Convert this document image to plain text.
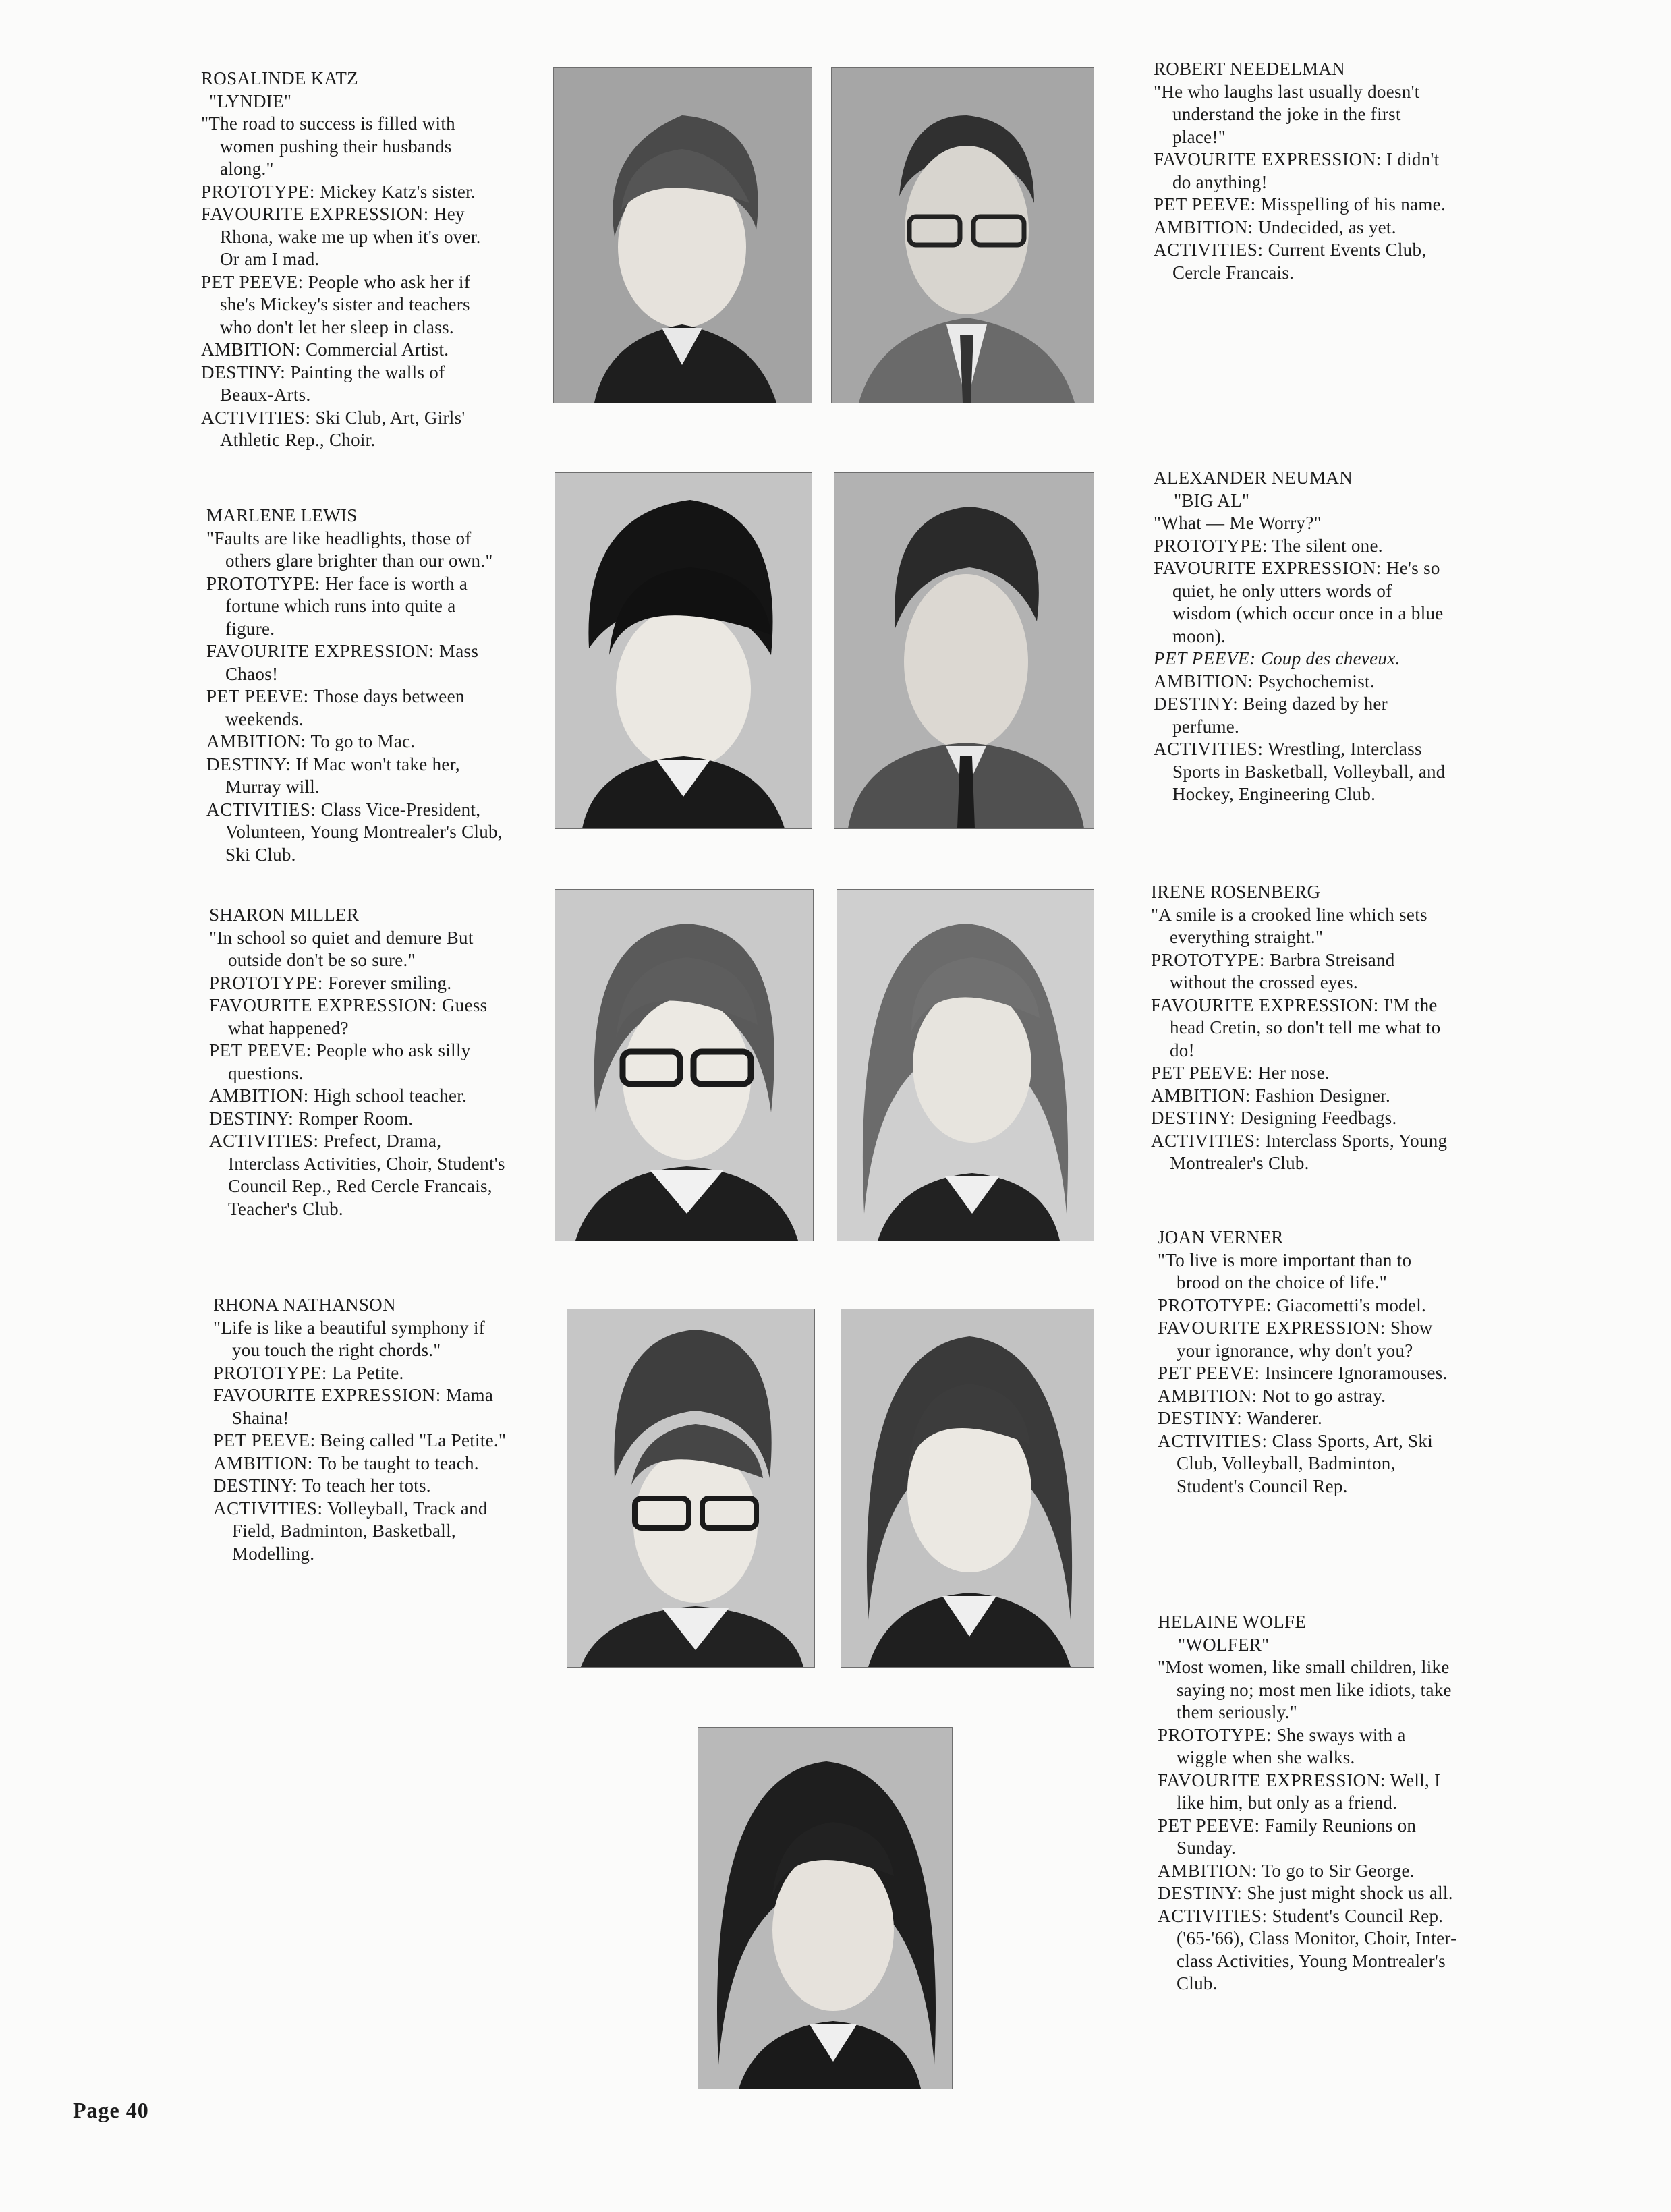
ROSALINDE KATZ
"LYNDIE"
"The road to success is filled with women pushing their husbands along."
PROTOTYPE: Mickey Katz's sister.
FAVOURITE EXPRESSION: Hey Rhona, wake me up when it's over. Or am I mad.
PET PEEVE: People who ask her if she's Mickey's sister and teachers who don't let her sleep in class.
AMBITION: Commercial Artist.
DESTINY: Painting the walls of Beaux-Arts.
ACTIVITIES: Ski Club, Art, Girls' Athletic Rep., Choir.
MARLENE LEWIS
"Faults are like headlights, those of others glare brighter than our own."
PROTOTYPE: Her face is worth a fortune which runs into quite a figure.
FAVOURITE EXPRESSION: Mass Chaos!
PET PEEVE: Those days between weekends.
AMBITION: To go to Mac.
DESTINY: If Mac won't take her, Murray will.
ACTIVITIES: Class Vice-President, Volunteen, Young Montrealer's Club, Ski Club.
SHARON MILLER
"In school so quiet and demure But outside don't be so sure."
PROTOTYPE: Forever smiling.
FAVOURITE EXPRESSION: Guess what happened?
PET PEEVE: People who ask silly questions.
AMBITION: High school teacher.
DESTINY: Romper Room.
ACTIVITIES: Prefect, Drama, Interclass Activities, Choir, Student's Council Rep., Red Cercle Francais, Teacher's Club.
RHONA NATHANSON
"Life is like a beautiful symphony if you touch the right chords."
PROTOTYPE: La Petite.
FAVOURITE EXPRESSION: Mama Shaina!
PET PEEVE: Being called "La Petite."
AMBITION: To be taught to teach.
DESTINY: To teach her tots.
ACTIVITIES: Volleyball, Track and Field, Badminton, Basketball, Modelling.
ROBERT NEEDELMAN
"He who laughs last usually doesn't understand the joke in the first place!"
FAVOURITE EXPRESSION: I didn't do anything!
PET PEEVE: Misspelling of his name.
AMBITION: Undecided, as yet.
ACTIVITIES: Current Events Club, Cercle Francais.
ALEXANDER NEUMAN
"BIG AL"
"What — Me Worry?"
PROTOTYPE: The silent one.
FAVOURITE EXPRESSION: He's so quiet, he only utters words of wisdom (which occur once in a blue moon).
PET PEEVE: Coup des cheveux.
AMBITION: Psychochemist.
DESTINY: Being dazed by her perfume.
ACTIVITIES: Wrestling, Interclass Sports in Basketball, Volleyball, and Hockey, Engineering Club.
IRENE ROSENBERG
"A smile is a crooked line which sets everything straight."
PROTOTYPE: Barbra Streisand without the crossed eyes.
FAVOURITE EXPRESSION: I'M the head Cretin, so don't tell me what to do!
PET PEEVE: Her nose.
AMBITION: Fashion Designer.
DESTINY: Designing Feedbags.
ACTIVITIES: Interclass Sports, Young Montrealer's Club.
JOAN VERNER
"To live is more important than to brood on the choice of life."
PROTOTYPE: Giacometti's model.
FAVOURITE EXPRESSION: Show your ignorance, why don't you?
PET PEEVE: Insincere Ignoramouses.
AMBITION: Not to go astray.
DESTINY: Wanderer.
ACTIVITIES: Class Sports, Art, Ski Club, Volleyball, Badminton, Student's Council Rep.
HELAINE WOLFE
"WOLFER"
"Most women, like small children, like saying no; most men like idiots, take them seriously."
PROTOTYPE: She sways with a wiggle when she walks.
FAVOURITE EXPRESSION: Well, I like him, but only as a friend.
PET PEEVE: Family Reunions on Sunday.
AMBITION: To go to Sir George.
DESTINY: She just might shock us all.
ACTIVITIES: Student's Council Rep. ('65-'66), Class Monitor, Choir, Inter-class Activities, Young Montrealer's Club.
Page 40
